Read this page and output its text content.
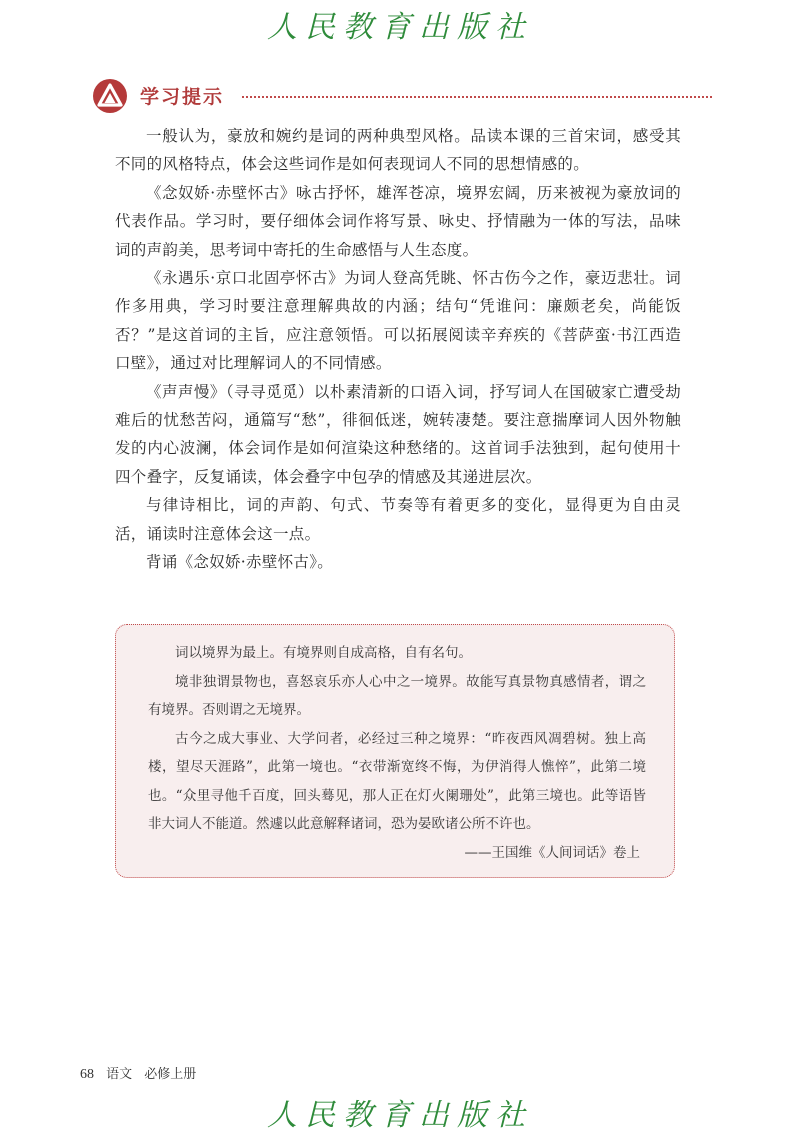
人民教育出版社
学习提示

一般认为，豪放和婉约是词的两种典型风格。品读本课的三首宋词，感受其不同的风格特点，体会这些词作是如何表现词人不同的思想情感的。

《念奴娇·赤壁怀古》咏古抒怀，雄浑苍凉，境界宏阔，历来被视为豪放词的代表作品。学习时，要仔细体会词作将写景、咏史、抒情融为一体的写法，品味词的声韵美，思考词中寄托的生命感悟与人生态度。

《永遇乐·京口北固亭怀古》为词人登高凭眺、怀古伤今之作，豪迈悲壮。词作多用典，学习时要注意理解典故的内涵；结句“凭谁问：廉颇老矣，尚能饭否？”是这首词的主旨，应注意领悟。可以拓展阅读辛弃疾的《菩萨蛮·书江西造口壁》，通过对比理解词人的不同情感。

《声声慢》（寻寻觅觅）以朴素清新的口语入词，抒写词人在国破家亡遭受劫难后的忧愁苦闷，通篇写“愁”，徘徊低迷，婉转凄楚。要注意揣摩词人因外物触发的内心波澜，体会词作是如何渲染这种愁绪的。这首词手法独到，起句使用十四个叠字，反复诵读，体会叠字中包孕的情感及其递进层次。

与律诗相比，词的声韵、句式、节奏等有着更多的变化，显得更为自由灵活，诵读时注意体会这一点。

背诵《念奴娇·赤壁怀古》。

词以境界为最上。有境界则自成高格，自有名句。

境非独谓景物也，喜怒哀乐亦人心中之一境界。故能写真景物真感情者，谓之有境界。否则谓之无境界。

古今之成大事业、大学问者，必经过三种之境界：“昨夜西风凋碧树。独上高楼，望尽天涯路”，此第一境也。“衣带渐宽终不悔，为伊消得人憔悴”，此第二境也。“众里寻他千百度，回头蓦见，那人正在灯火阑珊处”，此第三境也。此等语皆非大词人不能道。然遽以此意解释诸词，恐为晏欧诸公所不许也。

——王国维《人间词话》卷上

68 语文 必修上册
人民教育出版社
